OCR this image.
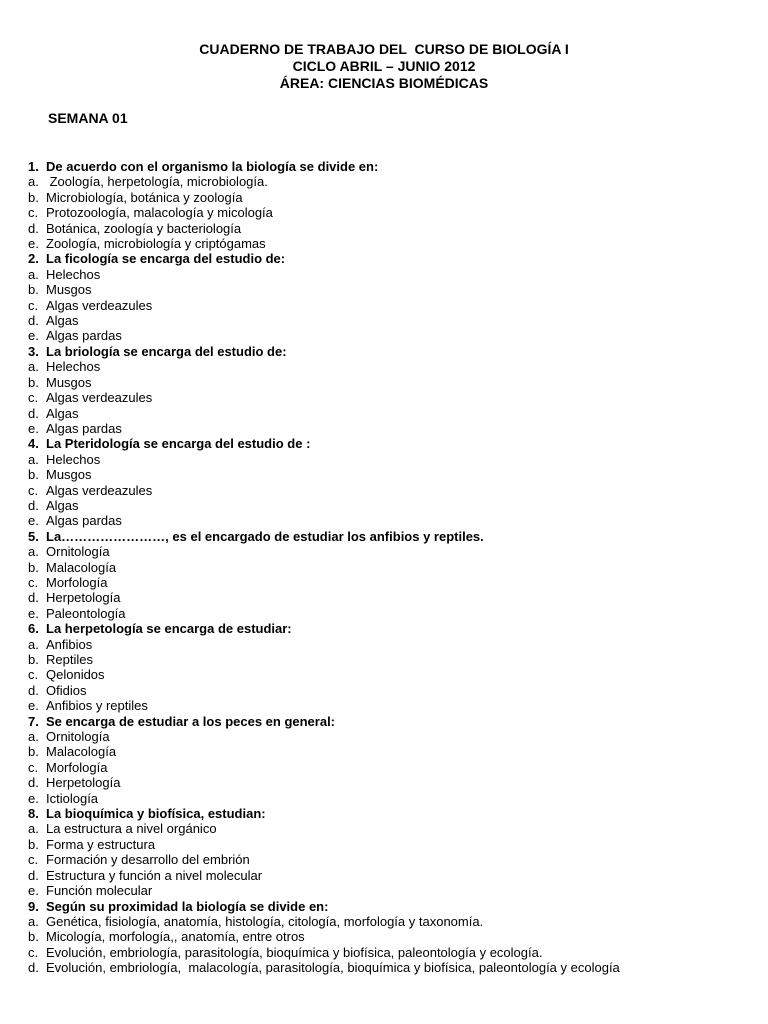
CUADERNO DE TRABAJO DEL  CURSO DE BIOLOGÍA I
CICLO ABRIL – JUNIO 2012
ÁREA: CIENCIAS BIOMÉDICAS
SEMANA 01
1. De acuerdo con el organismo la biología se divide en:
a. Zoología, herpetología, microbiología.
b. Microbiología, botánica y zoología
c. Protozoología, malacología y micología
d. Botánica, zoología y bacteriología
e. Zoología, microbiología y criptógamas
2. La ficología se encarga del estudio de:
a. Helechos
b. Musgos
c. Algas verdeazules
d. Algas
e. Algas pardas
3. La briología se encarga del estudio de:
a. Helechos
b. Musgos
c. Algas verdeazules
d. Algas
e. Algas pardas
4. La Pteridología se encarga del estudio de :
a. Helechos
b. Musgos
c. Algas verdeazules
d. Algas
e. Algas pardas
5. La……………………, es el encargado de estudiar los anfibios y reptiles.
a. Ornitología
b. Malacología
c. Morfología
d. Herpetología
e. Paleontología
6. La herpetología se encarga de estudiar:
a. Anfibios
b. Reptiles
c. Qelonidos
d. Ofidios
e. Anfibios y reptiles
7. Se encarga de estudiar a los peces en general:
a. Ornitología
b. Malacología
c. Morfología
d. Herpetología
e. Ictiología
8. La bioquímica y biofísica, estudian:
a. La estructura a nivel orgánico
b. Forma y estructura
c. Formación y desarrollo del embrión
d. Estructura y función a nivel molecular
e. Función molecular
9. Según su proximidad la biología se divide en:
a. Genética, fisiología, anatomía, histología, citología, morfología y taxonomía.
b. Micología, morfología,, anatomía, entre otros
c. Evolución, embriología, parasitología, bioquímica y biofísica, paleontología y ecología.
d. Evolución, embriología,  malacología, parasitología, bioquímica y biofísica, paleontología y ecología
